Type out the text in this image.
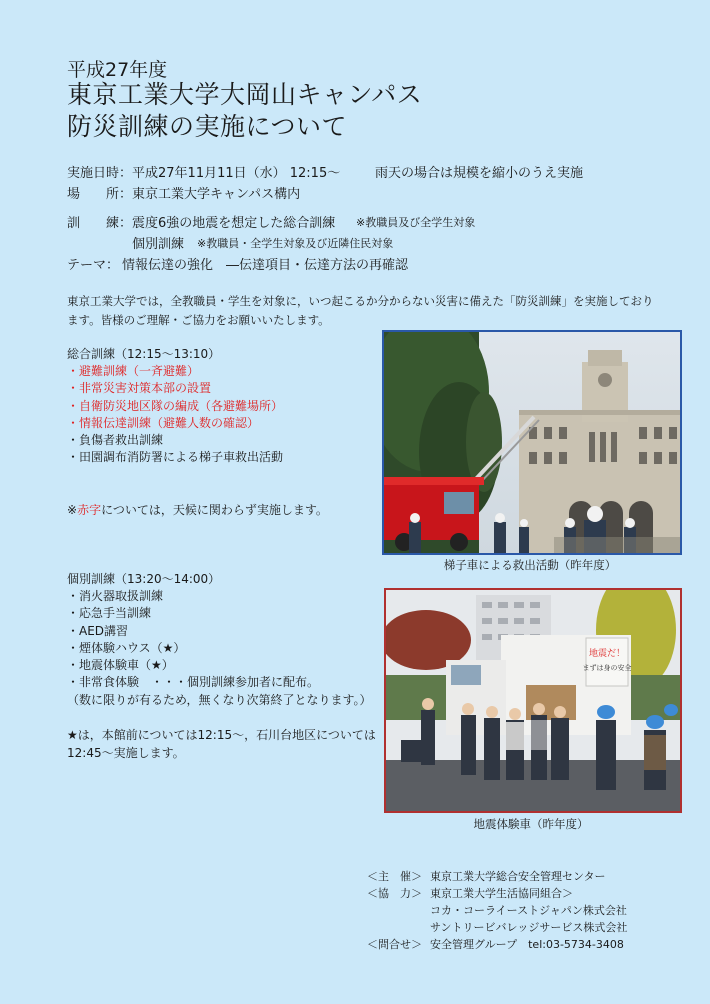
平成27年度
東京工業大学大岡山キャンパス
防災訓練の実施について
実施日時： 平成27年11月11日（水） 12:15～	雨天の場合は規模を縮小のうえ実施
場　　所： 東京工業大学キャンパス構内
訓　　練： 震度6強の地震を想定した総合訓練 ※教職員及び全学生対象
個別訓練 ※教職員・全学生対象及び近隣住民対象
テーマ： 情報伝達の強化　―伝達項目・伝達方法の再確認
東京工業大学では，全教職員・学生を対象に，いつ起こるか分からない災害に備えた「防災訓練」を実施しております。皆様のご理解・ご協力をお願いいたします。
総合訓練（12:15～13:10）
・避難訓練（一斉避難）
・非常災害対策本部の設置
・自衛防災地区隊の編成（各避難場所）
・情報伝達訓練（避難人数の確認）
・負傷者救出訓練
・田園調布消防署による梯子車救出活動
※赤字については，天候に関わらず実施します。
梯子車による救出活動（昨年度）
個別訓練（13:20～14:00）
・消火器取扱訓練
・応急手当訓練
・AED講習
・煙体験ハウス（★）
・地震体験車（★）
・非常食体験　・・・個別訓練参加者に配布。
（数に限りが有るため，無くなり次第終了となります。）
★は，本館前については12:15～，石川台地区については
12:45～実施します。
地震だ！
まずは身の安全
地震体験車（昨年度）
＜主　催＞ 東京工業大学総合安全管理センター
＜協　力＞ 東京工業大学生活協同組合＞
コカ・コーライーストジャパン株式会社
サントリービバレッジサービス株式会社
＜問合せ＞ 安全管理グループ　tel:03-5734-3408
